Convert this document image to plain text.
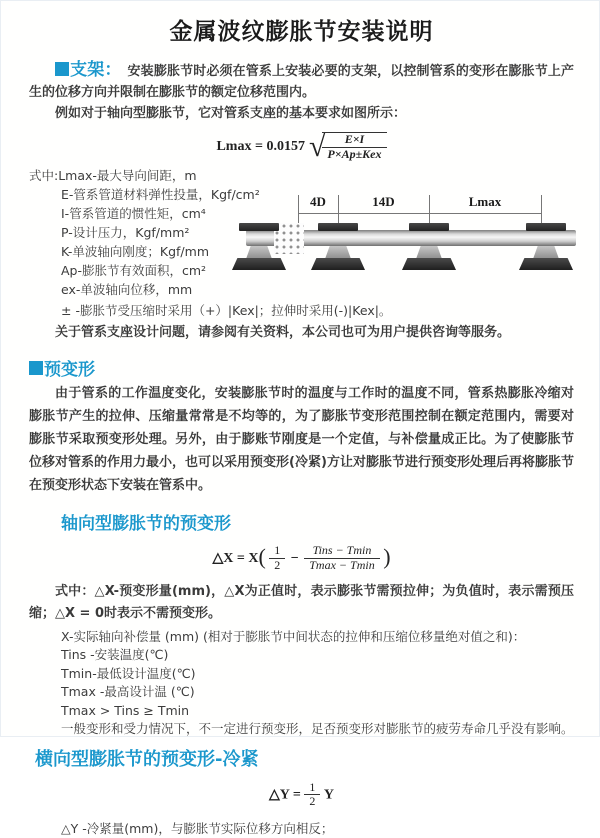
金属波纹膨胀节安装说明

支架： 安装膨胀节时必须在管系上安装必要的支架，以控制管系的变形在膨胀节上产生的位移方向并限制在膨胀节的额定位移范围内。

例如对于轴向型膨胀节，它对管系支座的基本要求如图所示：

Lmax = 0.0157 √
$\frac{E\times I}{\text{P×Ap±Kex}}$
式中:Lmax-最大导向间距，m
E-管系管道材料弹性投量，Kgf/cm²
I-管系管道的惯性矩，cm⁴
P-设计压力，Kgf/mm²
K-单波轴向刚度；Kgf/mm
Ap-膨胀节有效面积，cm²
ex-单波轴向位移，mm
± -膨胀节受压缩时采用（+）|Kex|；拉伸时采用(-)|Kex|。

关于管系支座设计问题，请参阅有关资料，本公司也可为用户提供咨询等服务。

4D	14D	Lmax
预变形

由于管系的工作温度变化，安装膨胀节时的温度与工作时的温度不同，管系热膨胀冷缩对膨胀节产生的拉伸、压缩量常常是不均等的，为了膨胀节变形范围控制在额定范围内，需要对膨胀节采取预变形处理。另外，由于膨账节刚度是一个定值，与补偿量成正比。为了使膨胀节位移对管系的作用力最小，也可以采用预变形(冷紧)方让对膨胀节进行预变形处理后再将膨胀节在预变形状态下安装在管系中。

轴向型膨胀节的预变形
△X = $X( \frac{1}{2} - \frac{\text{Tins − Tmin}}{Tmax - Tmin}$ )

式中：△X-预变形量(mm)，△X为正值时，表示膨张节需预拉伸；为负值时，表示需预压缩；△X = 0时表示不需预变形。

X-实际轴向补偿量 (mm) (相对于膨胀节中间状态的拉伸和压缩位移量绝对值之和)：
Tins -安装温度(℃)
Tmin-最低设计温度(℃)
Tmax -最高设计温 (℃)
Tmax > Tins ≥ Tmin
一般变形和受力情况下，不一定进行预变形，足否预变形对膨胀节的疲劳寿命几乎没有影响。
横向型膨胀节的预变形-冷紧
△Y = $\frac{1}{2}$ Y
△Y -冷紧量(mm)，与膨胀节实际位移方向相反；
